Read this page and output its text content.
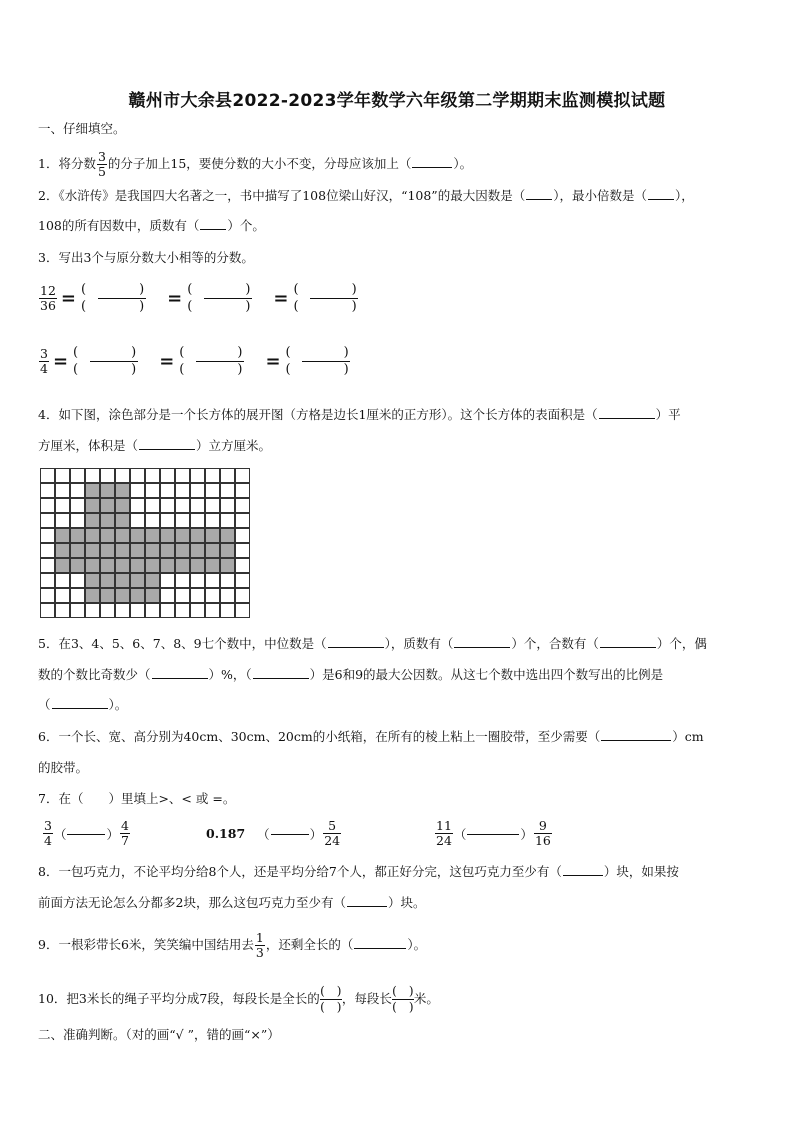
赣州市大余县2022-2023学年数学六年级第二学期期末监测模拟试题
一、仔细填空。
1．将分数 $\frac{3}{5}$ 的分子加上15，要使分数的大小不变，分母应该加上（	）。
2．《水浒传》是我国四大名著之一，书中描写了108位梁山好汉，“108”的最大因数是（ ），最小倍数是（ ），
108的所有因数中，质数有（ ）个。
3．写出3个与原分数大小相等的分数。
$\frac{12}{36}$ = (　)
(　) = (　)
(　) = (　)
(　)
$\frac{3}{4}$ = (　)
(　) = (　)
(　) = (　)
(　)
4．如下图，涂色部分是一个长方体的展开图（方格是边长1厘米的正方形）。这个长方体的表面积是（	）平
方厘米，体积是（	）立方厘米。
5．在3、4、5、6、7、8、9七个数中，中位数是（	），质数有（	）个，合数有（	）个，偶
数的个数比奇数少（	）%，（	）是6和9的最大公因数。从这七个数中选出四个数写出的比例是
（	）。
6．一个长、宽、高分别为40cm、30cm、20cm的小纸箱，在所有的棱上粘上一圈胶带，至少需要（	）cm
的胶带。
7．在（　　）里填上>、< 或 =。
$\frac{3}{4}$ （	） $\frac{4}{7}$	0.187 （	） $\frac{5}{24}$	$\frac{11}{24}$ （	） $\frac{9}{16}$
8．一包巧克力，不论平均分给8个人，还是平均分给7个人，都正好分完，这包巧克力至少有（	）块，如果按
前面方法无论怎么分都多2块，那么这包巧克力至少有（	）块。
9．一根彩带长6米，笑笑编中国结用去 $\frac{1}{3}$ ，还剩全长的（	）。
10．把3米长的绳子平均分成7段，每段长是全长的 $\frac{( )}{( )}$ ，每段长 $\frac{( )}{( )}$ 米。
二、准确判断。（对的画“√ ”，错的画“×”）
